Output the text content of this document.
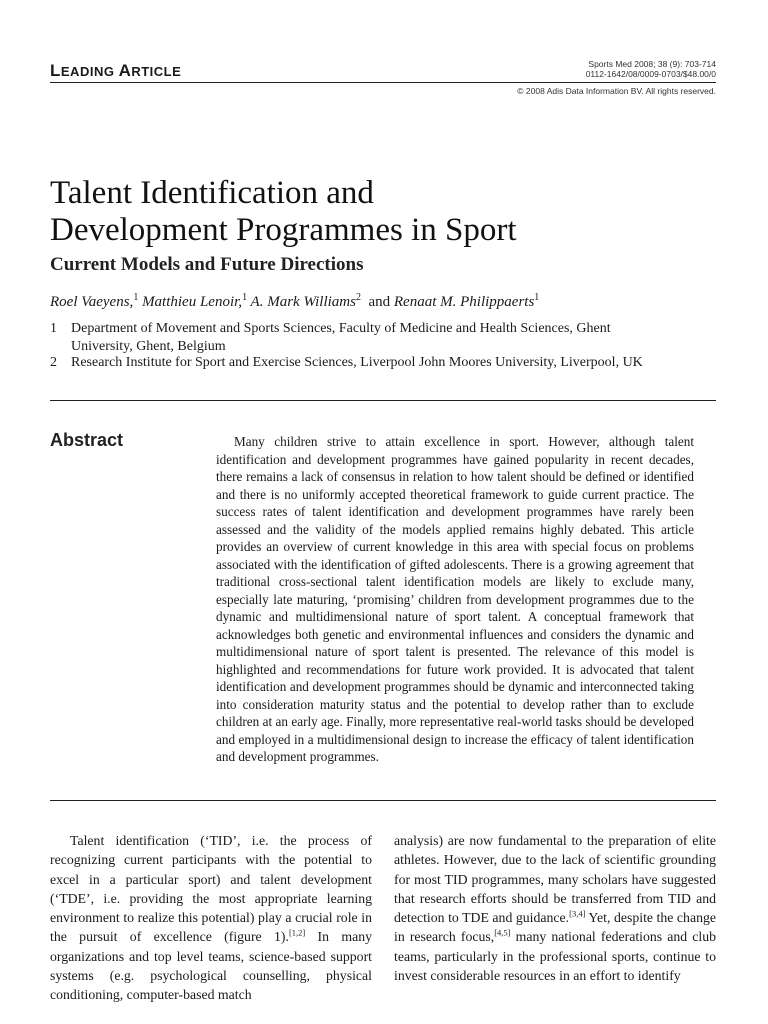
LEADING ARTICLE	Sports Med 2008; 38 (9): 703-714
0112-1642/08/0009-0703/$48.00/0
© 2008 Adis Data Information BV. All rights reserved.
Talent Identification and
Development Programmes in Sport
Current Models and Future Directions
Roel Vaeyens,$^1$ Matthieu Lenoir,$^1$ A. Mark Williams$^2$ and Renaat M. Philippaerts$^1$
1 Department of Movement and Sports Sciences, Faculty of Medicine and Health Sciences, Ghent University, Ghent, Belgium
2 Research Institute for Sport and Exercise Sciences, Liverpool John Moores University, Liverpool, UK
Abstract	Many children strive to attain excellence in sport. However, although talent identification and development programmes have gained popularity in recent decades, there remains a lack of consensus in relation to how talent should be defined or identified and there is no uniformly accepted theoretical framework to guide current practice. The success rates of talent identification and development programmes have rarely been assessed and the validity of the models applied remains highly debated. This article provides an overview of current knowledge in this area with special focus on problems associated with the identification of gifted adolescents. There is a growing agreement that traditional cross-sectional talent identification models are likely to exclude many, especially late maturing, ‘promising’ children from development programmes due to the dynamic and multidimensional nature of sport talent. A conceptual framework that acknowledges both genetic and environmental influences and considers the dynamic and multidimensional nature of sport talent is presented. The relevance of this model is highlighted and recommendations for future work provided. It is advocated that talent identification and development programmes should be dynamic and interconnected taking into consideration maturity status and the potential to develop rather than to exclude children at an early age. Finally, more representative real-world tasks should be developed and employed in a multidimensional design to increase the efficacy of talent identification and development programmes.

Talent identification (‘TID’, i.e. the process of recognizing current participants with the potential to excel in a particular sport) and talent development (‘TDE’, i.e. providing the most appropriate learning environment to realize this potential) play a crucial role in the pursuit of excellence (figure 1).[1,2] In many organizations and top level teams, science-based support systems (e.g. psychological counselling, physical conditioning, computer-based match

analysis) are now fundamental to the preparation of elite athletes. However, due to the lack of scientific grounding for most TID programmes, many scholars have suggested that research efforts should be transferred from TID and detection to TDE and guidance.[3,4] Yet, despite the change in research focus,[4,5] many national federations and club teams, particularly in the professional sports, continue to invest considerable resources in an effort to identify
